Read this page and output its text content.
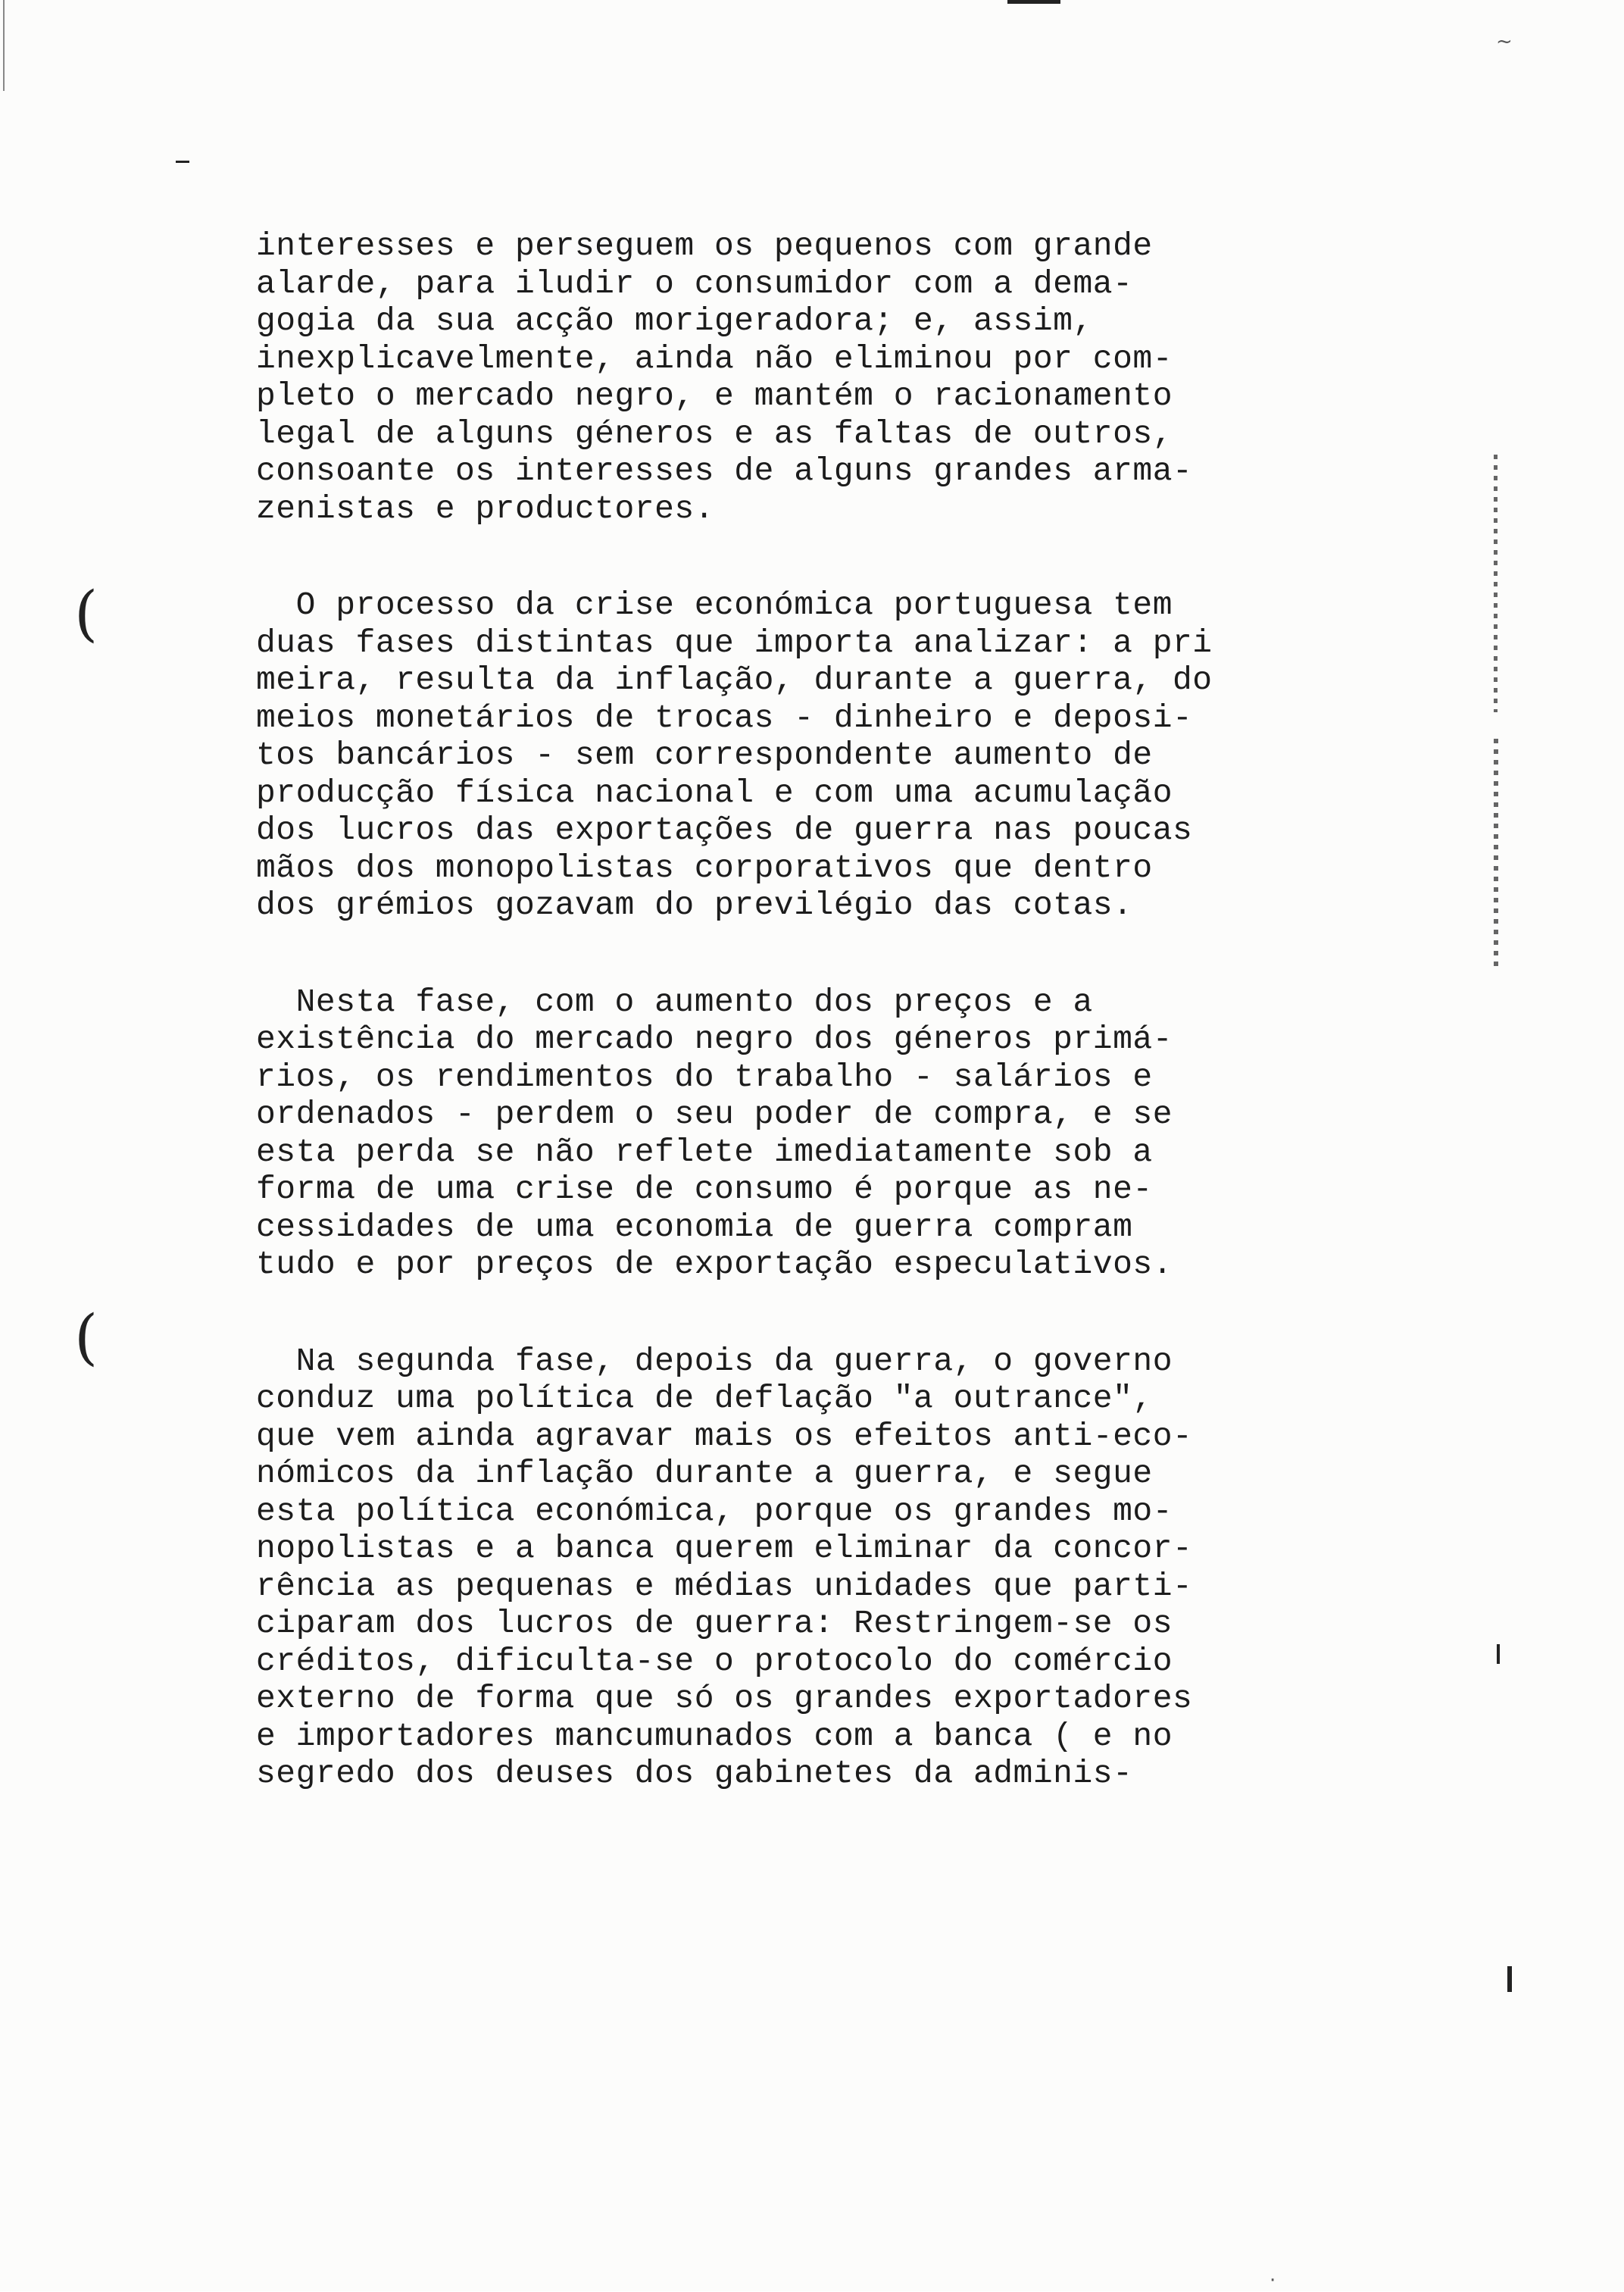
~
(
(
·
interesses e perseguem os pequenos com grande
alarde, para iludir o consumidor com a dema-
gogia da sua acção morigeradora; e, assim,
inexplicavelmente, ainda não eliminou por com-
pleto o mercado negro, e mantém o racionamento
legal de alguns géneros e as faltas de outros,
consoante os interesses de alguns grandes arma-
zenistas e productores.
O processo da crise económica portuguesa tem
duas fases distintas que importa analizar: a pri
meira, resulta da inflação, durante a guerra, do
meios monetários de trocas - dinheiro e deposi-
tos bancários - sem correspondente aumento de
producção física nacional e com uma acumulação
dos lucros das exportações de guerra nas poucas
mãos dos monopolistas corporativos que dentro
dos grémios gozavam do previlégio das cotas.
Nesta fase, com o aumento dos preços e a
existência do mercado negro dos géneros primá-
rios, os rendimentos do trabalho - salários e
ordenados - perdem o seu poder de compra, e se
esta perda se não reflete imediatamente sob a
forma de uma crise de consumo é porque as ne-
cessidades de uma economia de guerra compram
tudo e por preços de exportação especulativos.
Na segunda fase, depois da guerra, o governo
conduz uma política de deflação "a outrance",
que vem ainda agravar mais os efeitos anti-eco-
nómicos da inflação durante a guerra, e segue
esta política económica, porque os grandes mo-
nopolistas e a banca querem eliminar da concor-
rência as pequenas e médias unidades que parti-
ciparam dos lucros de guerra: Restringem-se os
créditos, dificulta-se o protocolo do comércio
externo de forma que só os grandes exportadores
e importadores mancumunados com a banca ( e no
segredo dos deuses dos gabinetes da adminis-
